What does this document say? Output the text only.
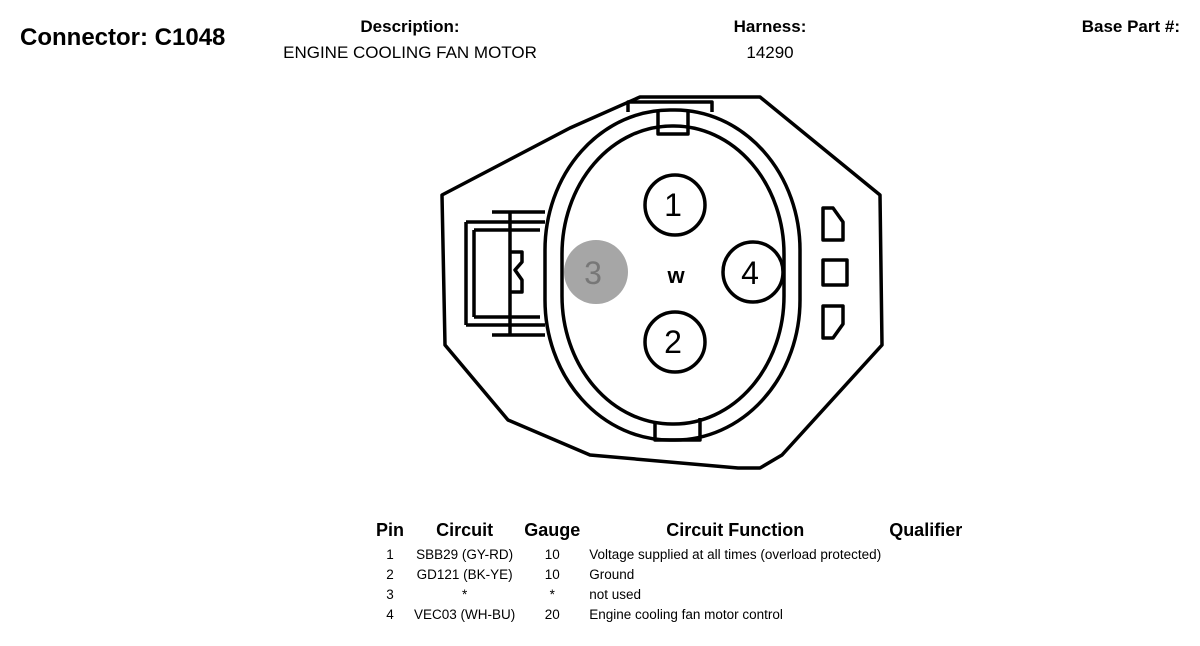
Connector: C1048	Description:
ENGINE COOLING FAN MOTOR
Harness:
14290
Base Part #:
1
2
3	4
w
Pin	Circuit	Gauge	Circuit Function	Qualifier
1	SBB29 (GY-RD)	10	Voltage supplied at all times (overload protected)	
2	GD121 (BK-YE)	10	Ground	
3	*	*	not used	
4	VEC03 (WH-BU)	20	Engine cooling fan motor control	
